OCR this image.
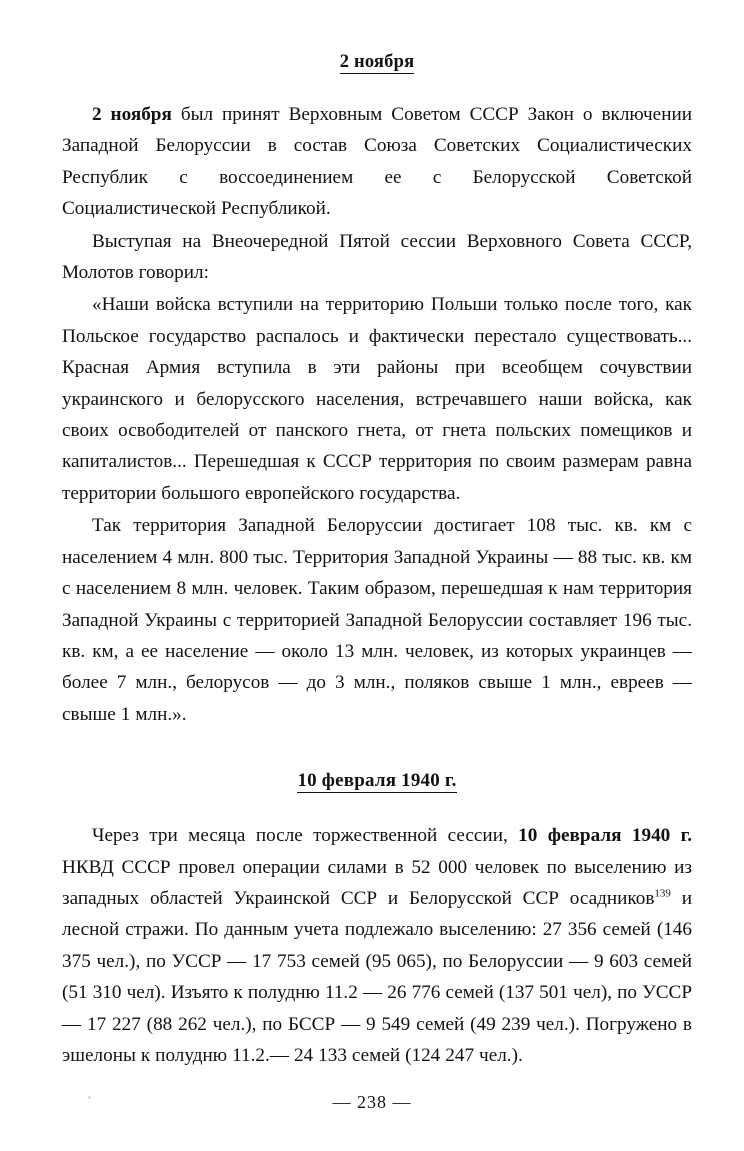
2 ноября

2 ноября был принят Верховным Советом СССР Закон о включении Западной Белоруссии в состав Союза Советских Социалистических Республик с воссоединением ее с Белорусской Советской Социалистической Республикой.

Выступая на Внеочередной Пятой сессии Верховного Совета СССР, Молотов говорил:

«Наши войска вступили на территорию Польши только после того, как Польское государство распалось и фактически перестало существовать... Красная Армия вступила в эти районы при всеобщем сочувствии украинского и белорусского населения, встречавшего наши войска, как своих освободителей от панского гнета, от гнета польских помещиков и капиталистов... Перешедшая к СССР территория по своим размерам равна территории большого европейского государства.

Так территория Западной Белоруссии достигает 108 тыс. кв. км с населением 4 млн. 800 тыс. Территория Западной Украины — 88 тыс. кв. км с населением 8 млн. человек. Таким образом, перешедшая к нам территория Западной Украины с территорией Западной Белоруссии составляет 196 тыс. кв. км, а ее население — около 13 млн. человек, из которых украинцев — более 7 млн., белорусов — до 3 млн., поляков свыше 1 млн., евреев — свыше 1 млн.».

10 февраля 1940 г.

Через три месяца после торжественной сессии, 10 февраля 1940 г. НКВД СССР провел операции силами в 52 000 человек по выселению из западных областей Украинской ССР и Белорусской ССР осадников$^{139}$ и лесной стражи. По данным учета подлежало выселению: 27 356 семей (146 375 чел.), по УССР — 17 753 семей (95 065), по Белоруссии — 9 603 семей (51 310 чел). Изъято к полудню 11.2 — 26 776 семей (137 501 чел), по УССР — 17 227 (88 262 чел.), по БССР — 9 549 семей (49 239 чел.). Погружено в эшелоны к полудню 11.2.— 24 133 семей (124 247 чел.).

— 238 —
